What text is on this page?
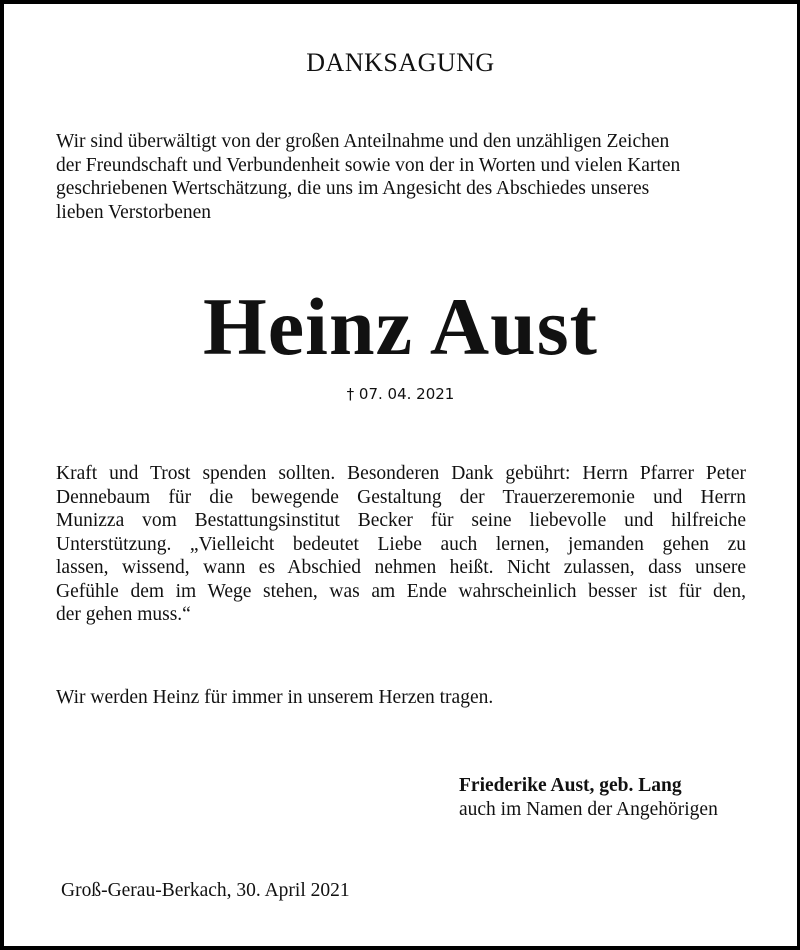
DANKSAGUNG

Wir sind überwältigt von der großen Anteilnahme und den unzähligen Zeichen

der Freundschaft und Verbundenheit sowie von der in Worten und vielen Karten

geschriebenen Wertschätzung, die uns im Angesicht des Abschiedes unseres

lieben Verstorbenen

Heinz Aust
† 07. 04. 2021

Kraft und Trost spenden sollten. Besonderen Dank gebührt: Herrn Pfarrer Peter

Dennebaum für die bewegende Gestaltung der Trauerzeremonie und Herrn

Munizza vom Bestattungsinstitut Becker für seine liebevolle und hilfreiche

Unterstützung. „Vielleicht bedeutet Liebe auch lernen, jemanden gehen zu

lassen, wissend, wann es Abschied nehmen heißt. Nicht zulassen, dass unsere

Gefühle dem im Wege stehen, was am Ende wahrscheinlich besser ist für den,

der gehen muss.“

Wir werden Heinz für immer in unserem Herzen tragen.

Friederike Aust, geb. Lang
auch im Namen der Angehörigen
Groß-Gerau-Berkach, 30. April 2021
